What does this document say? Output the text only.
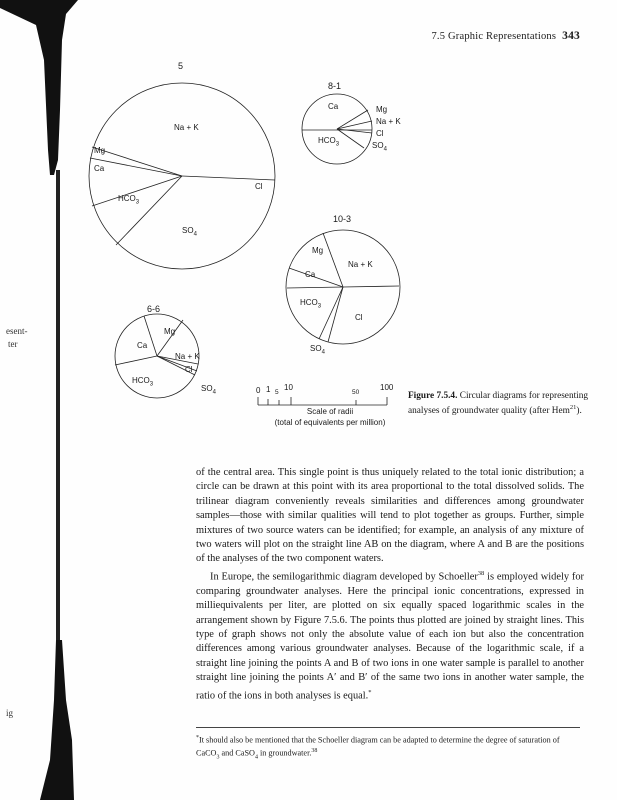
esent-
ter
ig
7.5 Graphic Representations 343
5
8-1
10-3
6-6
Na + K
Mg
Ca
$HCO_3$
$SO_4$
Cl
Ca	Mg
Na + K
Cl
$SO_4$
$HCO_3$
Mg
Na + K
Ca
$HCO_3$
Cl
$SO_4$
Mg
Ca
Na + K
Cl
$HCO_3$	$SO_4$	0 1 5
10
50
100
Scale of radii
(total of equivalents per million)
Figure 7.5.4. Circular diagrams for representing analyses of groundwater quality (after Hem$^{21}$).

of the central area. This single point is thus uniquely related to the total ionic distribution; a circle can be drawn at this point with its area proportional to the total dissolved solids. The trilinear diagram conveniently reveals similarities and differences among groundwater samples—those with similar qualities will tend to plot together as groups. Further, simple mixtures of two source waters can be identified; for example, an analysis of any mixture of two waters will plot on the straight line AB on the diagram, where A and B are the positions of the analyses of the two component waters.

In Europe, the semilogarithmic diagram developed by Schoeller$^{38}$ is employed widely for comparing groundwater analyses. Here the principal ionic concentrations, expressed in milliequivalents per liter, are plotted on six equally spaced logarithmic scales in the arrangement shown by Figure 7.5.6. The points thus plotted are joined by straight lines. This type of graph shows not only the absolute value of each ion but also the concentration differences among various groundwater analyses. Because of the logarithmic scale, if a straight line joining the points A and B of two ions in one water sample is parallel to another straight line joining the points A′ and B′ of the same two ions in another water sample, the ratio of the ions in both analyses is equal.*

*It should also be mentioned that the Schoeller diagram can be adapted to determine the degree of saturation of CaCO$_3$ and CaSO$_4$ in groundwater.$^{38}$
